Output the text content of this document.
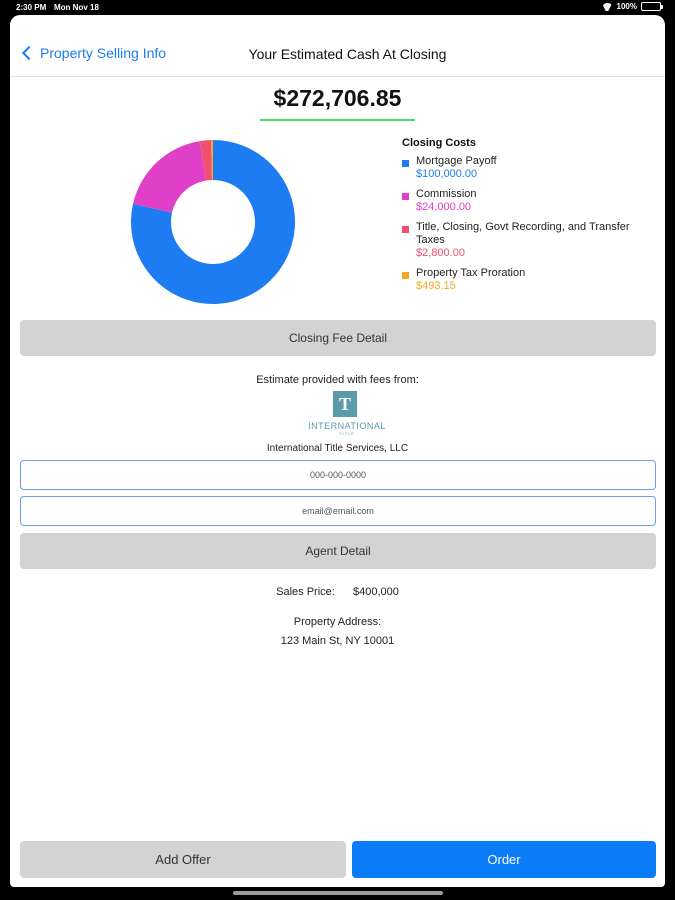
2:30 PM Mon Nov 18	100%
Property Selling Info	Your Estimated Cash At Closing
$272,706.85
Closing Costs
Mortgage Payoff
$100,000.00
Commission
$24,000.00
Title, Closing, Govt Recording, and Transfer Taxes
$2,800.00
Property Tax Proration
$493.15
Closing Fee Detail
Estimate provided with fees from:
T
INTERNATIONAL
TITLE
International Title Services, LLC
000-000-0000
email@email.com
Agent Detail
Sales Price: $400,000
Property Address:
123 Main St, NY 10001
Add Offer	Order
